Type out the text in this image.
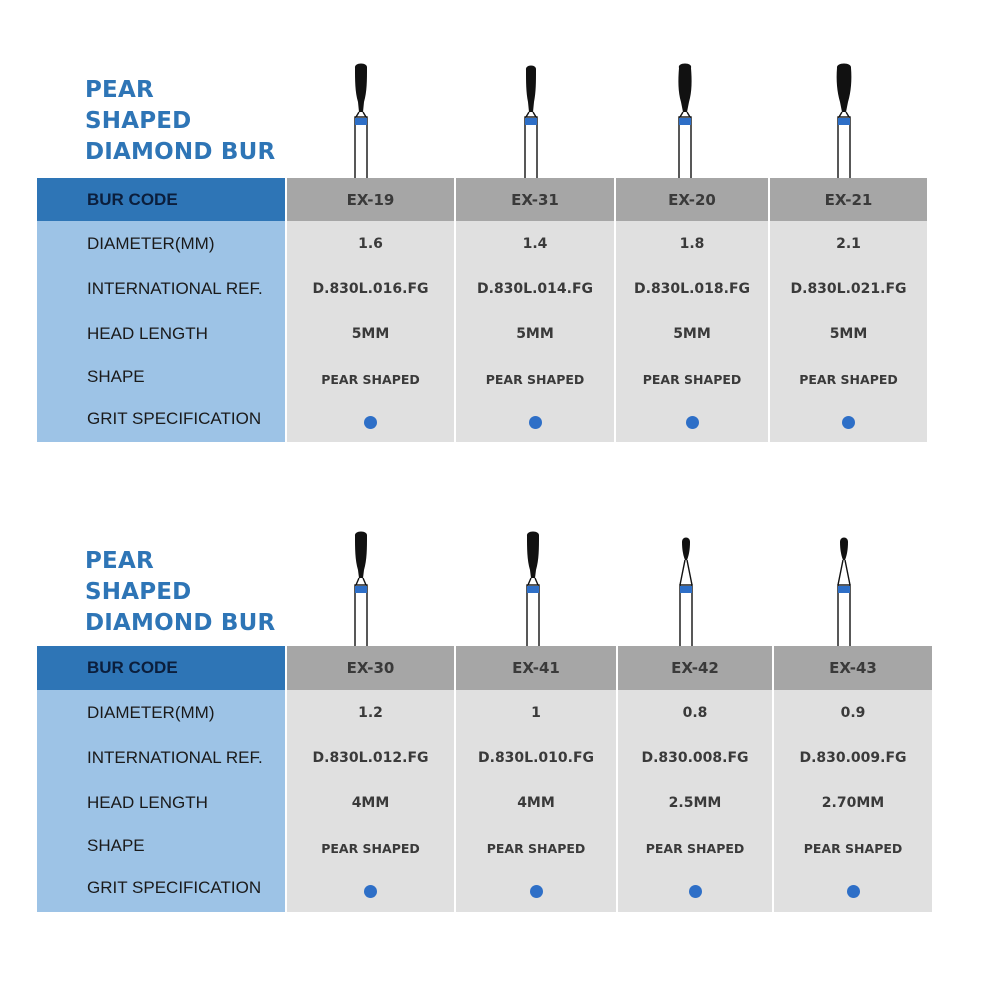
PEAR
SHAPED
DIAMOND BUR
BUR CODE	EX-19	EX-31	EX-20	EX-21
DIAMETER(MM)	1.6	1.4	1.8	2.1
INTERNATIONAL REF.	D.830L.016.FG	D.830L.014.FG	D.830L.018.FG	D.830L.021.FG
HEAD LENGTH	5MM	5MM	5MM	5MM
SHAPE	PEAR SHAPED	PEAR SHAPED	PEAR SHAPED	PEAR SHAPED
GRIT SPECIFICATION
PEAR
SHAPED
DIAMOND BUR
BUR CODE	EX-30	EX-41	EX-42	EX-43
DIAMETER(MM)	1.2	1	0.8	0.9
INTERNATIONAL REF.	D.830L.012.FG	D.830L.010.FG	D.830.008.FG	D.830.009.FG
HEAD LENGTH	4MM	4MM	2.5MM	2.70MM
SHAPE	PEAR SHAPED	PEAR SHAPED	PEAR SHAPED	PEAR SHAPED
GRIT SPECIFICATION
